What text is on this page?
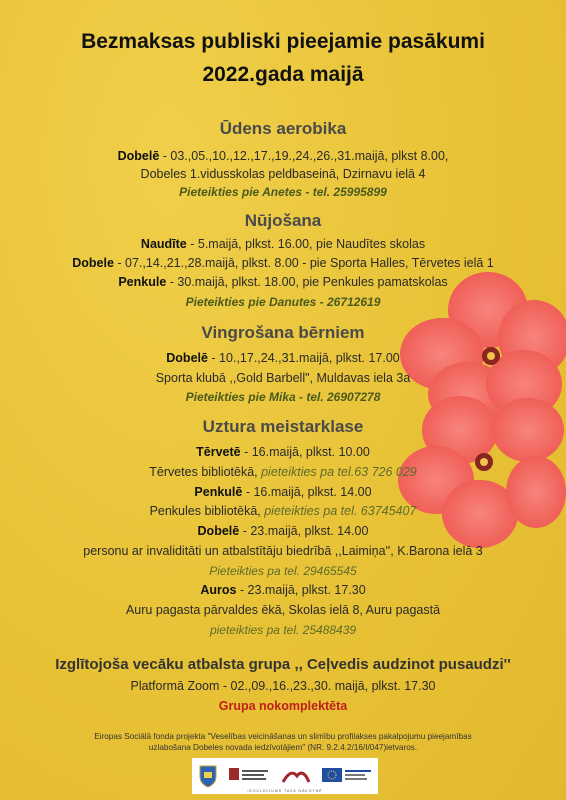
Bezmaksas publiski pieejamie pasākumi
2022.gada maijā
Ūdens aerobika
Dobelē - 03.,05.,10.,12.,17.,19.,24.,26.,31.maijā, plkst 8.00,
Dobeles 1.vidusskolas peldbaseinā, Dzirnavu ielā 4
Pieteikties pie Anetes - tel. 25995899
Nūjošana
Naudīte - 5.maijā, plkst. 16.00, pie Naudītes skolas
Dobele - 07.,14.,21.,28.maijā, plkst. 8.00 - pie Sporta Halles, Tērvetes ielā 1
Penkule - 30.maijā, plkst. 18.00, pie Penkules pamatskolas
Pieteikties pie Danutes - 26712619
Vingrošana bērniem
Dobelē - 10.,17.,24.,31.maijā, plkst. 17.00
Sporta klubā ,,Gold Barbell", Muldavas iela 3a
Pieteikties pie Mika - tel. 26907278
Uztura meistarklase
Tērvetē - 16.maijā, plkst. 10.00
Tērvetes bibliotēkā, pieteikties pa tel.63 726 029
Penkulē - 16.maijā, plkst. 14.00
Penkules bibliotēkā, pieteikties pa tel. 63745407
Dobelē - 23.maijā, plkst. 14.00
personu ar invaliditāti un atbalstītāju biedrībā ,,Laimiņa'', K.Barona ielā 3
Pieteikties pa tel. 29465545
Auros - 23.maijā, plkst. 17.30
Auru pagasta pārvaldes ēkā, Skolas ielā 8, Auru pagastā
pieteikties pa tel. 25488439
Izglītojoša vecāku atbalsta grupa ,, Ceļvedis audzinot pusaudzi''
Platformā Zoom - 02.,09.,16.,23.,30. maijā, plkst. 17.30
Grupa nokomplektēta
Eiropas Sociālā fonda projekta "Veselības veicināšanas un slimību profilakses pakalpojumu pieejamības
uzlabošana Dobeles novada iedzīvotājiem" (NR. 9.2.4.2/16/I/047)ietvaros.
IEGULDĪJUMS TAVĀ NĀKOTNĒ
